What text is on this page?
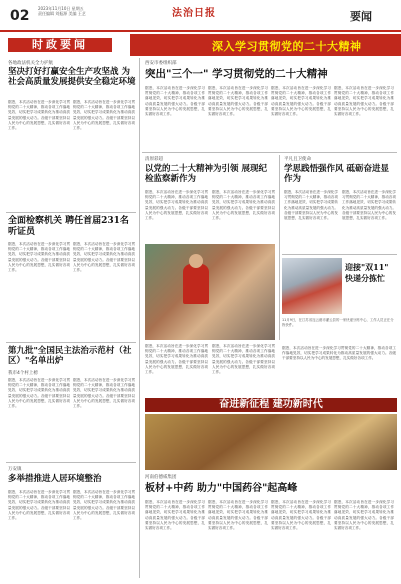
02 2023年11月10日 星期五
责任编辑 刘振源 美编 王艺	法治日报	要闻
时政要闻	深入学习贯彻党的二十大精神
各地政法机关全力护航
坚决打好打赢安全生产攻坚战 为社会高质量发展提供安全稳定环境
据悉，本次活动旨在进一步深化学习贯彻党的二十大精神，推动各项工作落地见效，切实把学习成果转化为推动高质量发展的强大动力。各级干部要坚持以人民为中心的发展思想，扎实做好各项工作。
据悉，本次活动旨在进一步深化学习贯彻党的二十大精神，推动各项工作落地见效，切实把学习成果转化为推动高质量发展的强大动力。各级干部要坚持以人民为中心的发展思想，扎实做好各项工作。
西安市委组织部
突出"三个一" 学习贯彻党的二十大精神
据悉，本次活动旨在进一步深化学习贯彻党的二十大精神，推动各项工作落地见效，切实把学习成果转化为推动高质量发展的强大动力。各级干部要坚持以人民为中心的发展思想，扎实做好各项工作。
据悉，本次活动旨在进一步深化学习贯彻党的二十大精神，推动各项工作落地见效，切实把学习成果转化为推动高质量发展的强大动力。各级干部要坚持以人民为中心的发展思想，扎实做好各项工作。
据悉，本次活动旨在进一步深化学习贯彻党的二十大精神，推动各项工作落地见效，切实把学习成果转化为推动高质量发展的强大动力。各级干部要坚持以人民为中心的发展思想，扎实做好各项工作。
据悉，本次活动旨在进一步深化学习贯彻党的二十大精神，推动各项工作落地见效，切实把学习成果转化为推动高质量发展的强大动力。各级干部要坚持以人民为中心的发展思想，扎实做好各项工作。
全面检察机关 聘任首届231名听证员
据悉，本次活动旨在进一步深化学习贯彻党的二十大精神，推动各项工作落地见效，切实把学习成果转化为推动高质量发展的强大动力。各级干部要坚持以人民为中心的发展思想，扎实做好各项工作。
据悉，本次活动旨在进一步深化学习贯彻党的二十大精神，推动各项工作落地见效，切实把学习成果转化为推动高质量发展的强大动力。各级干部要坚持以人民为中心的发展思想，扎实做好各项工作。
清原彩超
以党的二十大精神为引领 展现纪检监察新作为
据悉，本次活动旨在进一步深化学习贯彻党的二十大精神，推动各项工作落地见效，切实把学习成果转化为推动高质量发展的强大动力。各级干部要坚持以人民为中心的发展思想，扎实做好各项工作。
据悉，本次活动旨在进一步深化学习贯彻党的二十大精神，推动各项工作落地见效，切实把学习成果转化为推动高质量发展的强大动力。各级干部要坚持以人民为中心的发展思想，扎实做好各项工作。
平凡且卫使命
学思践悟强作风 砥砺奋进显作为
据悉，本次活动旨在进一步深化学习贯彻党的二十大精神，推动各项工作落地见效，切实把学习成果转化为推动高质量发展的强大动力。各级干部要坚持以人民为中心的发展思想，扎实做好各项工作。
据悉，本次活动旨在进一步深化学习贯彻党的二十大精神，推动各项工作落地见效，切实把学习成果转化为推动高质量发展的强大动力。各级干部要坚持以人民为中心的发展思想，扎实做好各项工作。
迎接"双11" 快递分拣忙
11月9日，在江苏省连云港市灌云县的一家快递分拣中心，工作人员正在分拣快件。
第九批"全国民主法治示范村（社区）"名单出炉
我市4个村上榜
据悉，本次活动旨在进一步深化学习贯彻党的二十大精神，推动各项工作落地见效，切实把学习成果转化为推动高质量发展的强大动力。各级干部要坚持以人民为中心的发展思想，扎实做好各项工作。
据悉，本次活动旨在进一步深化学习贯彻党的二十大精神，推动各项工作落地见效，切实把学习成果转化为推动高质量发展的强大动力。各级干部要坚持以人民为中心的发展思想，扎实做好各项工作。
据悉，本次活动旨在进一步深化学习贯彻党的二十大精神，推动各项工作落地见效，切实把学习成果转化为推动高质量发展的强大动力。各级干部要坚持以人民为中心的发展思想，扎实做好各项工作。
据悉，本次活动旨在进一步深化学习贯彻党的二十大精神，推动各项工作落地见效，切实把学习成果转化为推动高质量发展的强大动力。各级干部要坚持以人民为中心的发展思想，扎实做好各项工作。
据悉，本次活动旨在进一步深化学习贯彻党的二十大精神，推动各项工作落地见效，切实把学习成果转化为推动高质量发展的强大动力。各级干部要坚持以人民为中心的发展思想，扎实做好各项工作。
奋进新征程 建功新时代
万安镇
多举措推进人居环境整治
据悉，本次活动旨在进一步深化学习贯彻党的二十大精神，推动各项工作落地见效，切实把学习成果转化为推动高质量发展的强大动力。各级干部要坚持以人民为中心的发展思想，扎实做好各项工作。
据悉，本次活动旨在进一步深化学习贯彻党的二十大精神，推动各项工作落地见效，切实把学习成果转化为推动高质量发展的强大动力。各级干部要坚持以人民为中心的发展思想，扎实做好各项工作。
河南伯德威集团
板材+中药 助力"中国药谷"起高峰
据悉，本次活动旨在进一步深化学习贯彻党的二十大精神，推动各项工作落地见效，切实把学习成果转化为推动高质量发展的强大动力。各级干部要坚持以人民为中心的发展思想，扎实做好各项工作。
据悉，本次活动旨在进一步深化学习贯彻党的二十大精神，推动各项工作落地见效，切实把学习成果转化为推动高质量发展的强大动力。各级干部要坚持以人民为中心的发展思想，扎实做好各项工作。
据悉，本次活动旨在进一步深化学习贯彻党的二十大精神，推动各项工作落地见效，切实把学习成果转化为推动高质量发展的强大动力。各级干部要坚持以人民为中心的发展思想，扎实做好各项工作。
据悉，本次活动旨在进一步深化学习贯彻党的二十大精神，推动各项工作落地见效，切实把学习成果转化为推动高质量发展的强大动力。各级干部要坚持以人民为中心的发展思想，扎实做好各项工作。
